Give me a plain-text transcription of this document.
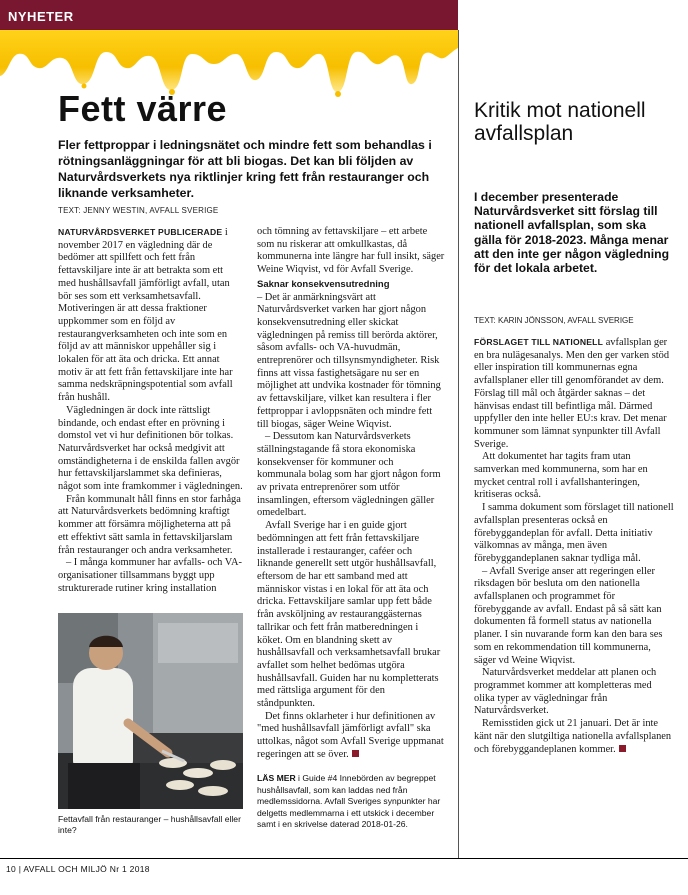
NYHETER
Fett värre
Fler fettproppar i ledningsnätet och mindre fett som behandlas i rötningsanläggningar för att bli biogas. Det kan bli följden av Naturvårdsverkets nya riktlinjer kring fett från restauranger och liknande verksamheter.
TEXT: JENNY WESTIN, AVFALL SVERIGE

NATURVÅRDSVERKET PUBLICERADE i november 2017 en vägledning där de bedömer att spillfett och fett från fettavskiljare inte är att betrakta som ett med hushållsavfall jämförligt avfall, utan bör ses som ett verksamhetsavfall. Motiveringen är att dessa fraktioner uppkommer som en följd av restaurangverksamheten och inte som en följd av att människor uppehåller sig i lokalen för att äta och dricka. Ett annat motiv är att fett från fettavskiljare inte har samma nedskräpningspotential som avfall från hushåll.

Vägledningen är dock inte rättsligt bindande, och endast efter en prövning i domstol vet vi hur definitionen bör tolkas. Naturvårdsverket har också medgivit att omständigheterna i de enskilda fallen avgör hur fettavskiljarslammet ska definieras, något som inte framkommer i vägledningen.

Från kommunalt håll finns en stor farhåga att Naturvårdsverkets bedömning kraftigt kommer att försämra möjligheterna att på ett effektivt sätt samla in fettavskiljarslam från restauranger och andra verksamheter.

– I många kommuner har avfalls- och VA-organisationer tillsammans byggt upp strukturerade rutiner kring installation

Fettavfall från restauranger – hushållsavfall eller inte?

och tömning av fettavskiljare – ett arbete som nu riskerar att omkullkastas, då kommunerna inte längre har full insikt, säger Weine Wiqvist, vd för Avfall Sverige.

Saknar konsekvensutredning

– Det är anmärkningsvärt att Naturvårdsverket varken har gjort någon konsekvensutredning eller skickat vägledningen på remiss till berörda aktörer, såsom avfalls- och VA-huvudmän, entreprenörer och tillsynsmyndigheter. Risk finns att vissa fastighetsägare nu ser en möjlighet att undvika kostnader för tömning av fettavskiljare, vilket kan resultera i fler fettproppar i avloppsnäten och mindre fett till biogas, säger Weine Wiqvist.

– Dessutom kan Naturvårdsverkets ställningstagande få stora ekonomiska konsekvenser för kommuner och kommunala bolag som har gjort någon form av privata entreprenörer som utför insamlingen, eftersom vägledningen gäller omedelbart.

Avfall Sverige har i en guide gjort bedömningen att fett från fettavskiljare installerade i restauranger, caféer och liknande generellt sett utgör hushållsavfall, eftersom de har ett samband med att människor vistas i en lokal för att äta och dricka. Fettavskiljare samlar upp fett både från avsköljning av restauranggästernas tallrikar och fett från matberedningen i köket. Om en blandning skett av hushållsavfall och verksamhetsavfall brukar avfallet som helhet bedömas utgöra hushållsavfall. Guiden har nu kompletterats med rättsliga argument för den ståndpunkten.

Det finns oklarheter i hur definitionen av "med hushållsavfall jämförligt avfall" ska uttolkas, något som Avfall Sverige uppmanat regeringen att se över.

LÄS MER i Guide #4 Innebörden av begreppet hushållsavfall, som kan laddas ned från medlemssidorna. Avfall Sveriges synpunkter har delgetts medlemmarna i ett utskick i december samt i en skrivelse daterad 2018-01-26.
Kritik mot nationell avfallsplan
I december presenterade Naturvårdsverket sitt förslag till nationell avfallsplan, som ska gälla för 2018-2023. Många menar att den inte ger någon vägledning för det lokala arbetet.
TEXT: KARIN JÖNSSON, AVFALL SVERIGE

FÖRSLAGET TILL NATIONELL avfallsplan ger en bra nulägesanalys. Men den ger varken stöd eller inspiration till kommunernas egna avfallsplaner eller till genomförandet av dem. Förslag till mål och åtgärder saknas – det hänvisas endast till befintliga mål. Därmed uppfyller den inte heller EU:s krav. Det menar kommuner som lämnat synpunkter till Avfall Sverige.

Att dokumentet har tagits fram utan samverkan med kommunerna, som har en mycket central roll i avfallshanteringen, kritiseras också.

I samma dokument som förslaget till nationell avfallsplan presenteras också en förebyggandeplan för avfall. Detta initiativ välkomnas av många, men även förebyggandeplanen saknar tydliga mål.

– Avfall Sverige anser att regeringen eller riksdagen bör besluta om den nationella avfallsplanen och programmet för förebyggande av avfall. Endast på så sätt kan dokumenten få formell status av nationella planer. I sin nuvarande form kan den bara ses som en rekommendation till kommunerna, säger vd Weine Wiqvist.

Naturvårdsverket meddelar att planen och programmet kommer att kompletteras med olika typer av vägledningar från Naturvårdsverket.

Remisstiden gick ut 21 januari. Det är inte känt när den slutgiltiga nationella avfallsplanen och förebyggandeplanen kommer.

10 | AVFALL OCH MILJÖ Nr 1 2018
